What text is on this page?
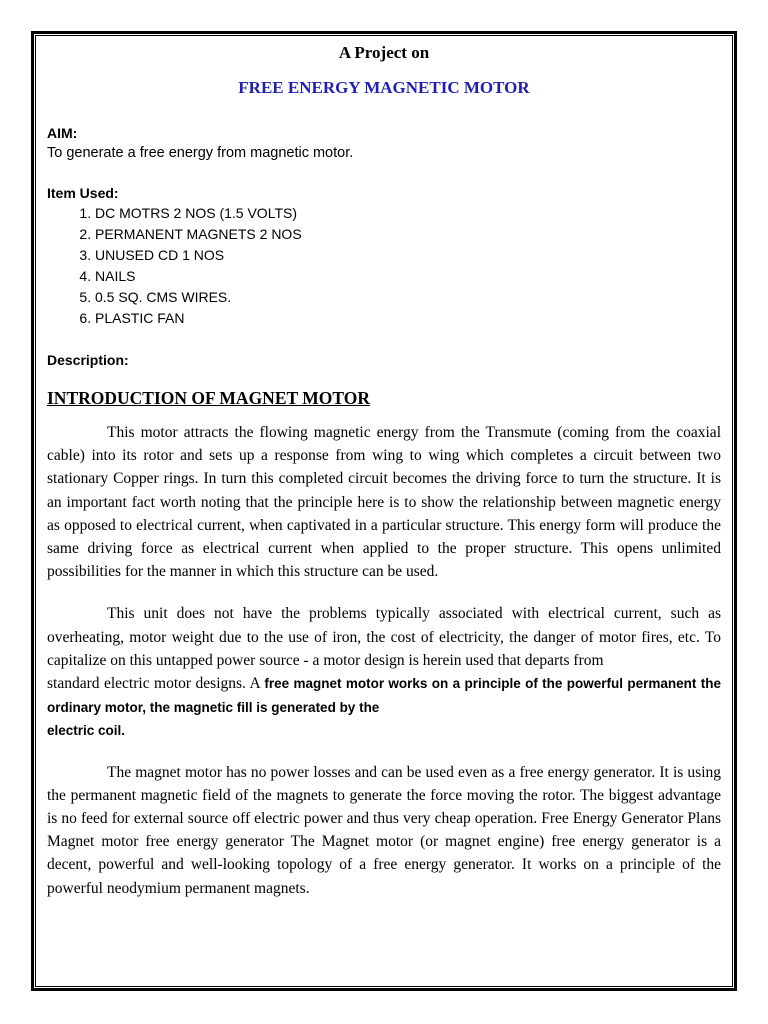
A Project on

FREE ENERGY MAGNETIC MOTOR

AIM:

To generate a free energy from magnetic motor.

Item Used:

1. DC MOTRS 2 NOS (1.5 VOLTS)
2. PERMANENT MAGNETS 2 NOS
3. UNUSED CD 1 NOS
4. NAILS
5. 0.5 SQ. CMS WIRES.
6. PLASTIC FAN

Description:

INTRODUCTION OF MAGNET MOTOR

This motor attracts the flowing magnetic energy from the Transmute (coming from the coaxial cable) into its rotor and sets up a response from wing to wing which completes a circuit between two stationary Copper rings. In turn this completed circuit becomes the driving force to turn the structure. It is an important fact worth noting that the principle here is to show the relationship between magnetic energy as opposed to electrical current, when captivated in a particular structure. This energy form will produce the same driving force as electrical current when applied to the proper structure. This opens unlimited possibilities for the manner in which this structure can be used.

This unit does not have the problems typically associated with electrical current, such as overheating, motor weight due to the use of iron, the cost of electricity, the danger of motor fires, etc. To capitalize on this untapped power source - a motor design is herein used that departs from

standard electric motor designs. A free magnet motor works on a principle of the powerful permanent the ordinary motor, the magnetic fill is generated by the

electric coil.

The magnet motor has no power losses and can be used even as a free energy generator. It is using the permanent magnetic field of the magnets to generate the force moving the rotor. The biggest advantage is no feed for external source off electric power and thus very cheap operation. Free Energy Generator Plans Magnet motor free energy generator The Magnet motor (or magnet engine) free energy generator is a decent, powerful and well-looking topology of a free energy generator. It works on a principle of the powerful neodymium permanent magnets.
